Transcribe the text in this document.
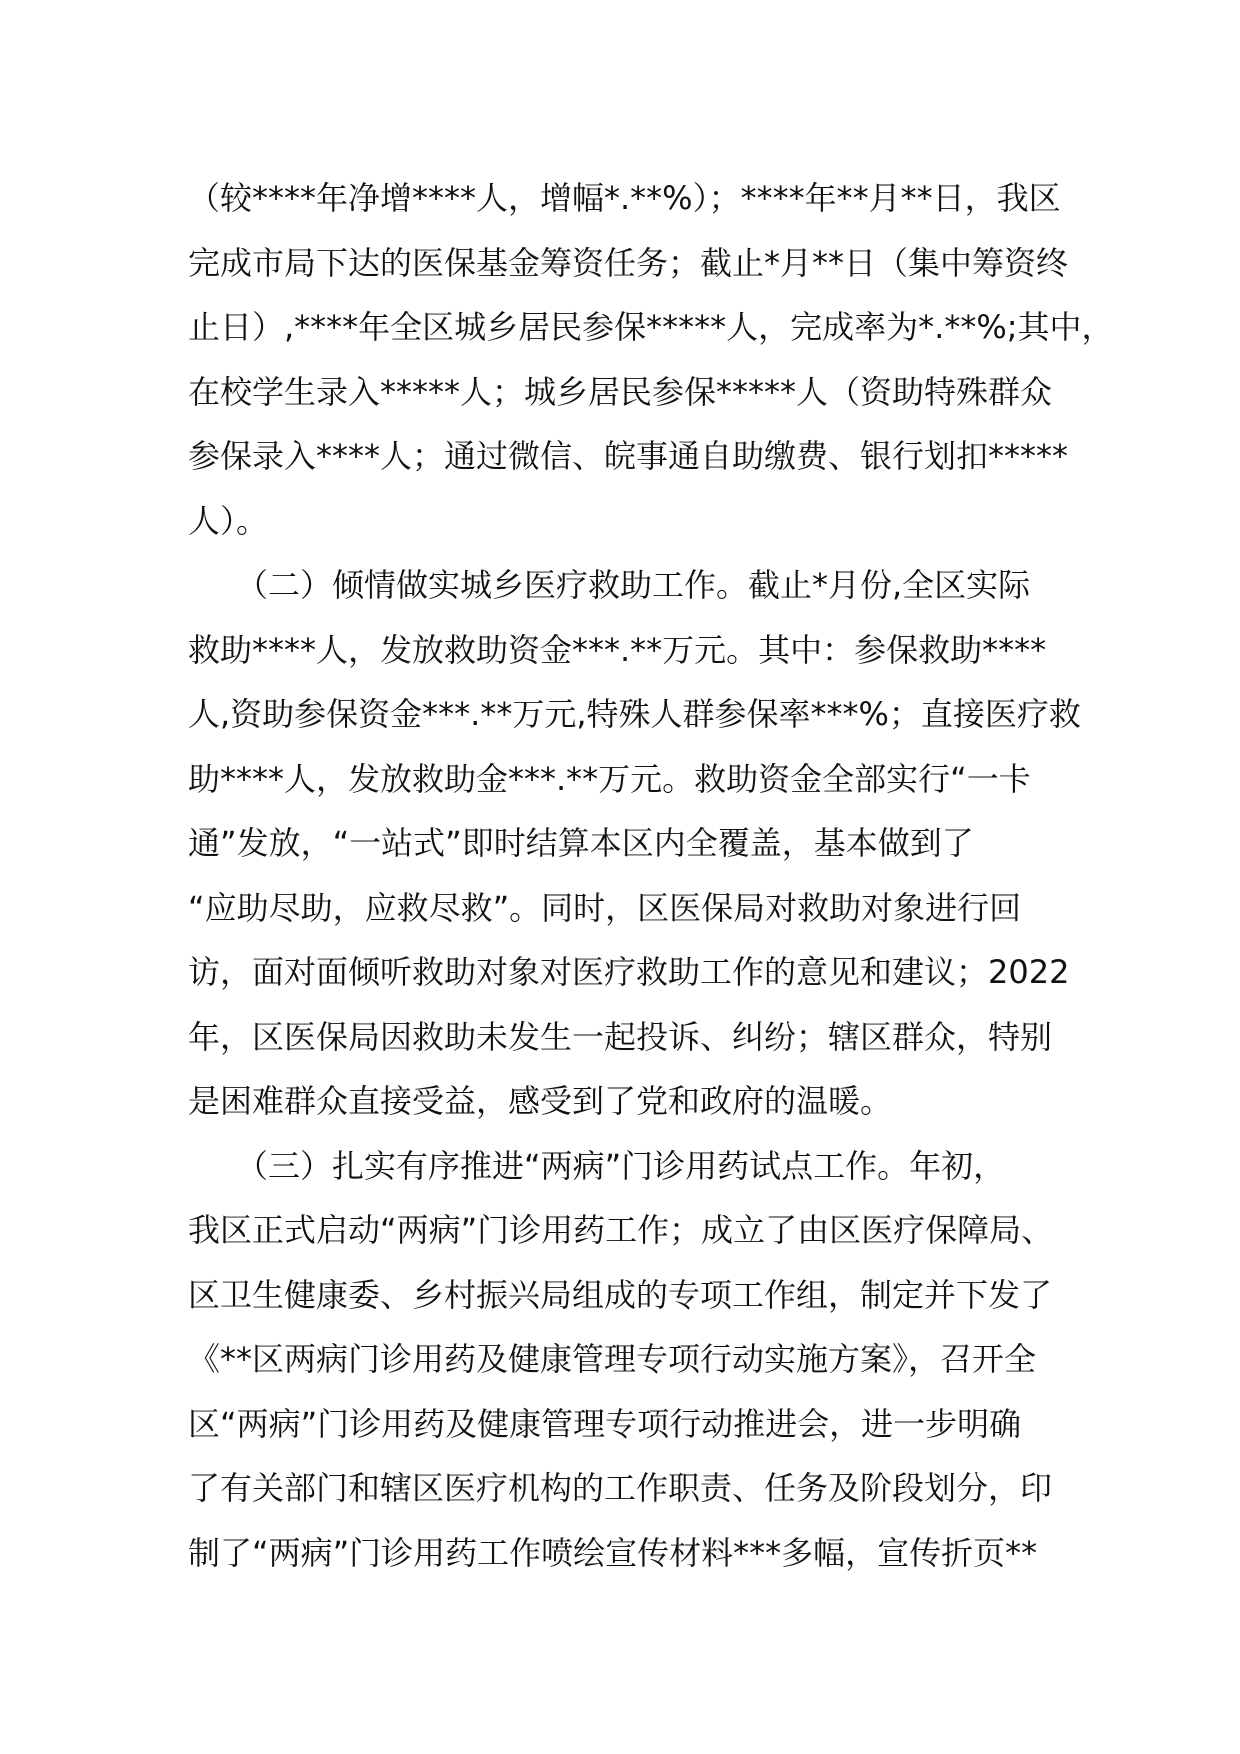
（较****年净增****人，增幅*.**%）；****年**月**日，我区
完成市局下达的医保基金筹资任务；截止*月**日（集中筹资终
止日）,****年全区城乡居民参保*****人，完成率为*.**%;其中，
在校学生录入*****人；城乡居民参保*****人（资助特殊群众
参保录入****人；通过微信、皖事通自助缴费、银行划扣*****
人）。
　　（二）倾情做实城乡医疗救助工作。截止*月份,全区实际
救助****人，发放救助资金***.**万元。其中：参保救助****
人,资助参保资金***.**万元,特殊人群参保率***%；直接医疗救
助****人，发放救助金***.**万元。救助资金全部实行“一卡
通”发放，“一站式”即时结算本区内全覆盖，基本做到了
“应助尽助，应救尽救”。同时，区医保局对救助对象进行回
访，面对面倾听救助对象对医疗救助工作的意见和建议；2022
年，区医保局因救助未发生一起投诉、纠纷；辖区群众，特别
是困难群众直接受益，感受到了党和政府的温暖。
　　（三）扎实有序推进“两病”门诊用药试点工作。年初，
我区正式启动“两病”门诊用药工作；成立了由区医疗保障局、
区卫生健康委、乡村振兴局组成的专项工作组，制定并下发了
《**区两病门诊用药及健康管理专项行动实施方案》，召开全
区“两病”门诊用药及健康管理专项行动推进会，进一步明确
了有关部门和辖区医疗机构的工作职责、任务及阶段划分，印
制了“两病”门诊用药工作喷绘宣传材料***多幅，宣传折页**
